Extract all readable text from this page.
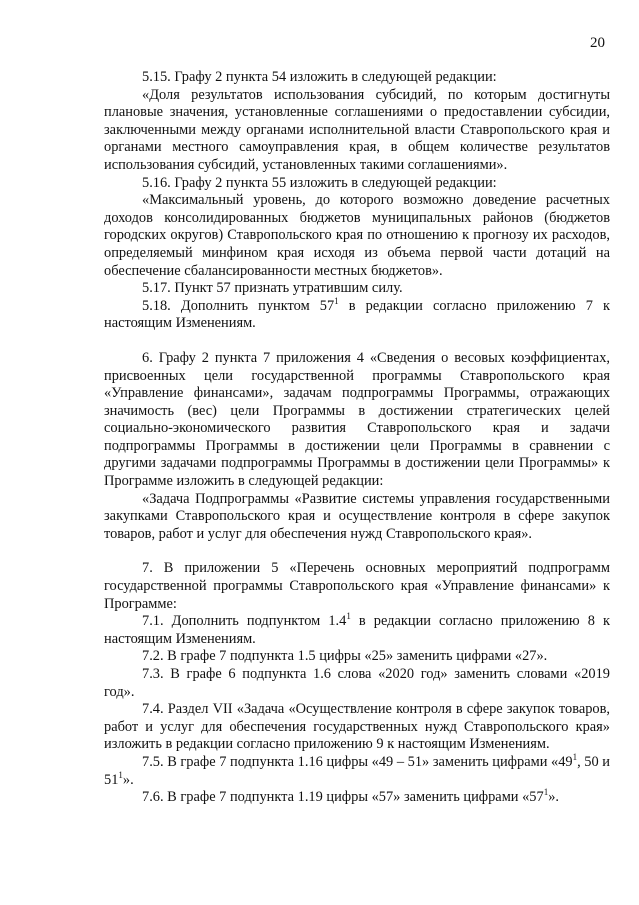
20

5.15. Графу 2 пункта 54 изложить в следующей редакции:

«Доля результатов использования субсидий, по которым достигнуты плановые значения, установленные соглашениями о предоставлении субсидии, заключенными между органами исполнительной власти Ставропольского края и органами местного самоуправления края, в общем количестве результатов использования субсидий, установленных такими соглашениями».

5.16. Графу 2 пункта 55 изложить в следующей редакции:

«Максимальный уровень, до которого возможно доведение расчетных доходов консолидированных бюджетов муниципальных районов (бюджетов городских округов) Ставропольского края по отношению к прогнозу их расходов, определяемый минфином края исходя из объема первой части дотаций на обеспечение сбалансированности местных бюджетов».

5.17. Пункт 57 признать утратившим силу.

5.18. Дополнить пунктом $57^1$ в редакции согласно приложению 7 к настоящим Изменениям.

6. Графу 2 пункта 7 приложения 4 «Сведения о весовых коэффициентах, присвоенных цели государственной программы Ставропольского края «Управление финансами», задачам подпрограммы Программы, отражающих значимость (вес) цели Программы в достижении стратегических целей социально-экономического развития Ставропольского края и задачи подпрограммы Программы в достижении цели Программы в сравнении с другими задачами подпрограммы Программы в достижении цели Программы» к Программе изложить в следующей редакции:

«Задача Подпрограммы «Развитие системы управления государственными закупками Ставропольского края и осуществление контроля в сфере закупок товаров, работ и услуг для обеспечения нужд Ставропольского края».

7. В приложении 5 «Перечень основных мероприятий подпрограмм государственной программы Ставропольского края «Управление финансами» к Программе:

7.1. Дополнить подпунктом $1.4^1$ в редакции согласно приложению 8 к настоящим Изменениям.

7.2. В графе 7 подпункта 1.5 цифры «25» заменить цифрами «27».

7.3. В графе 6 подпункта 1.6 слова «2020 год» заменить словами «2019 год».

7.4. Раздел VII «Задача «Осуществление контроля в сфере закупок товаров, работ и услуг для обеспечения государственных нужд Ставропольского края» изложить в редакции согласно приложению 9 к настоящим Изменениям.

7.5. В графе 7 подпункта 1.16 цифры «49 – 51» заменить цифрами «$49^1$, 50 и $51^1$».

7.6. В графе 7 подпункта 1.19 цифры «57» заменить цифрами «$57^1$».
